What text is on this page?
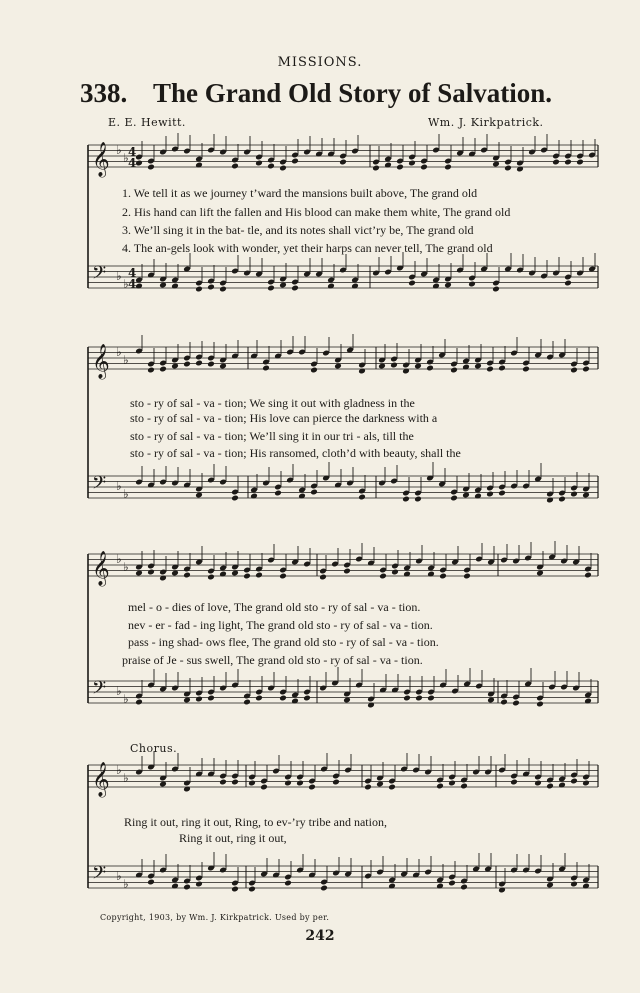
MISSIONS.
338. The Grand Old Story of Salvation.
E. E. Hewitt.	Wm. J. Kirkpatrick.
𝄞
𝄢
♭
♭
♭
♭
4
4
4
4
𝄞
𝄢
♭
♭
♭
♭
𝄞
𝄢
♭
♭
♭
♭
𝄞
𝄢
♭
♭
♭
♭
1. We tell it as we journey t’ward the mansions built above, The grand old
2. His hand can lift the fallen and His blood can make them white, The grand old
3. We’ll sing it in the bat- tle, and its notes shall vict’ry be, The grand old
4. The an-gels look with wonder, yet their harps can never tell, The grand old
sto - ry of sal - va - tion; We sing it out with gladness in the
sto - ry of sal - va - tion; His love can pierce the darkness with a
sto - ry of sal - va - tion; We’ll sing it in our tri - als, till the
sto - ry of sal - va - tion; His ransomed, cloth’d with beauty, shall the
mel - o - dies of love, The grand old sto - ry of sal - va - tion.
nev - er - fad - ing light, The grand old sto - ry of sal - va - tion.
pass - ing shad- ows flee, The grand old sto - ry of sal - va - tion.
praise of Je - sus swell, The grand old sto - ry of sal - va - tion.
Chorus.
Ring it out, ring it out, Ring, to ev-’ry tribe and nation,
Ring it out, ring it out,
Copyright, 1903, by Wm. J. Kirkpatrick. Used by per.
242
